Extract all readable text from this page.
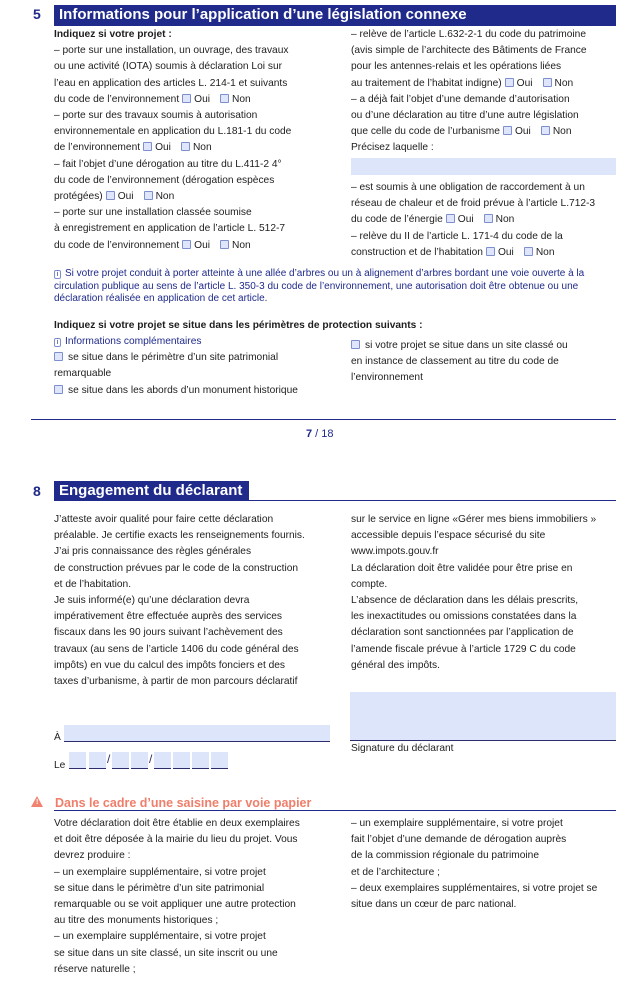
5	Informations pour l’application d’une législation connexe

Indiquez si votre projet :

– porte sur une installation, un ouvrage, des travaux

ou une activité (IOTA) soumis à déclaration Loi sur

l’eau en application des articles L. 214-1 et suivants

du code de l’environnement Oui Non

– porte sur des travaux soumis à autorisation

environnementale en application du L.181-1 du code

de l’environnement Oui Non

– fait l’objet d’une dérogation au titre du L.411-2 4°

du code de l’environnement (dérogation espèces

protégées) Oui Non

– porte sur une installation classée soumise

à enregistrement en application de l’article L. 512-7

du code de l’environnement Oui Non

– relève de l’article L.632-2-1 du code du patrimoine

(avis simple de l’architecte des Bâtiments de France

pour les antennes-relais et les opérations liées

au traitement de l’habitat indigne) Oui Non

– a déjà fait l’objet d’une demande d’autorisation

ou d’une déclaration au titre d’une autre législation

que celle du code de l’urbanisme Oui Non

Précisez laquelle :

– est soumis à une obligation de raccordement à un

réseau de chaleur et de froid prévue à l’article L.712-3

du code de l’énergie Oui Non

– relève du II de l’article L. 171-4 du code de la

construction et de l’habitation Oui Non

i Si votre projet conduit à porter atteinte à une allée d’arbres ou un à alignement d’arbres bordant une voie ouverte à la circulation publique au sens de l’article L. 350-3 du code de l’environnement, une autorisation doit être obtenue ou une déclaration réalisée en application de cet article.
Indiquez si votre projet se situe dans les périmètres de protection suivants :

i Informations complémentaires

se situe dans le périmètre d’un site patrimonial

remarquable

se situe dans les abords d’un monument historique

si votre projet se situe dans un site classé ou

en instance de classement au titre du code de

l’environnement

7 / 18
8	Engagement du déclarant

J’atteste avoir qualité pour faire cette déclaration

préalable. Je certifie exacts les renseignements fournis.

J’ai pris connaissance des règles générales

de construction prévues par le code de la construction

et de l’habitation.

Je suis informé(e) qu’une déclaration devra

impérativement être effectuée auprès des services

fiscaux dans les 90 jours suivant l’achèvement des

travaux (au sens de l’article 1406 du code général des

impôts) en vue du calcul des impôts fonciers et des

taxes d’urbanisme, à partir de mon parcours déclaratif

sur le service en ligne «Gérer mes biens immobiliers »

accessible depuis l’espace sécurisé du site

www.impots.gouv.fr

La déclaration doit être validée pour être prise en

compte.

L’absence de déclaration dans les délais prescrits,

les inexactitudes ou omissions constatées dans la

déclaration sont sanctionnées par l’application de

l’amende fiscale prévue à l’article 1729 C du code

général des impôts.

À
Signature du déclarant
Le	/	/
! Dans le cadre d’une saisine par voie papier

Votre déclaration doit être établie en deux exemplaires

et doit être déposée à la mairie du lieu du projet. Vous

devrez produire :

– un exemplaire supplémentaire, si votre projet

se situe dans le périmètre d’un site patrimonial

remarquable ou se voit appliquer une autre protection

au titre des monuments historiques ;

– un exemplaire supplémentaire, si votre projet

se situe dans un site classé, un site inscrit ou une

réserve naturelle ;

– un exemplaire supplémentaire, si votre projet

fait l’objet d’une demande de dérogation auprès

de la commission régionale du patrimoine

et de l’architecture ;

– deux exemplaires supplémentaires, si votre projet se

situe dans un cœur de parc national.
